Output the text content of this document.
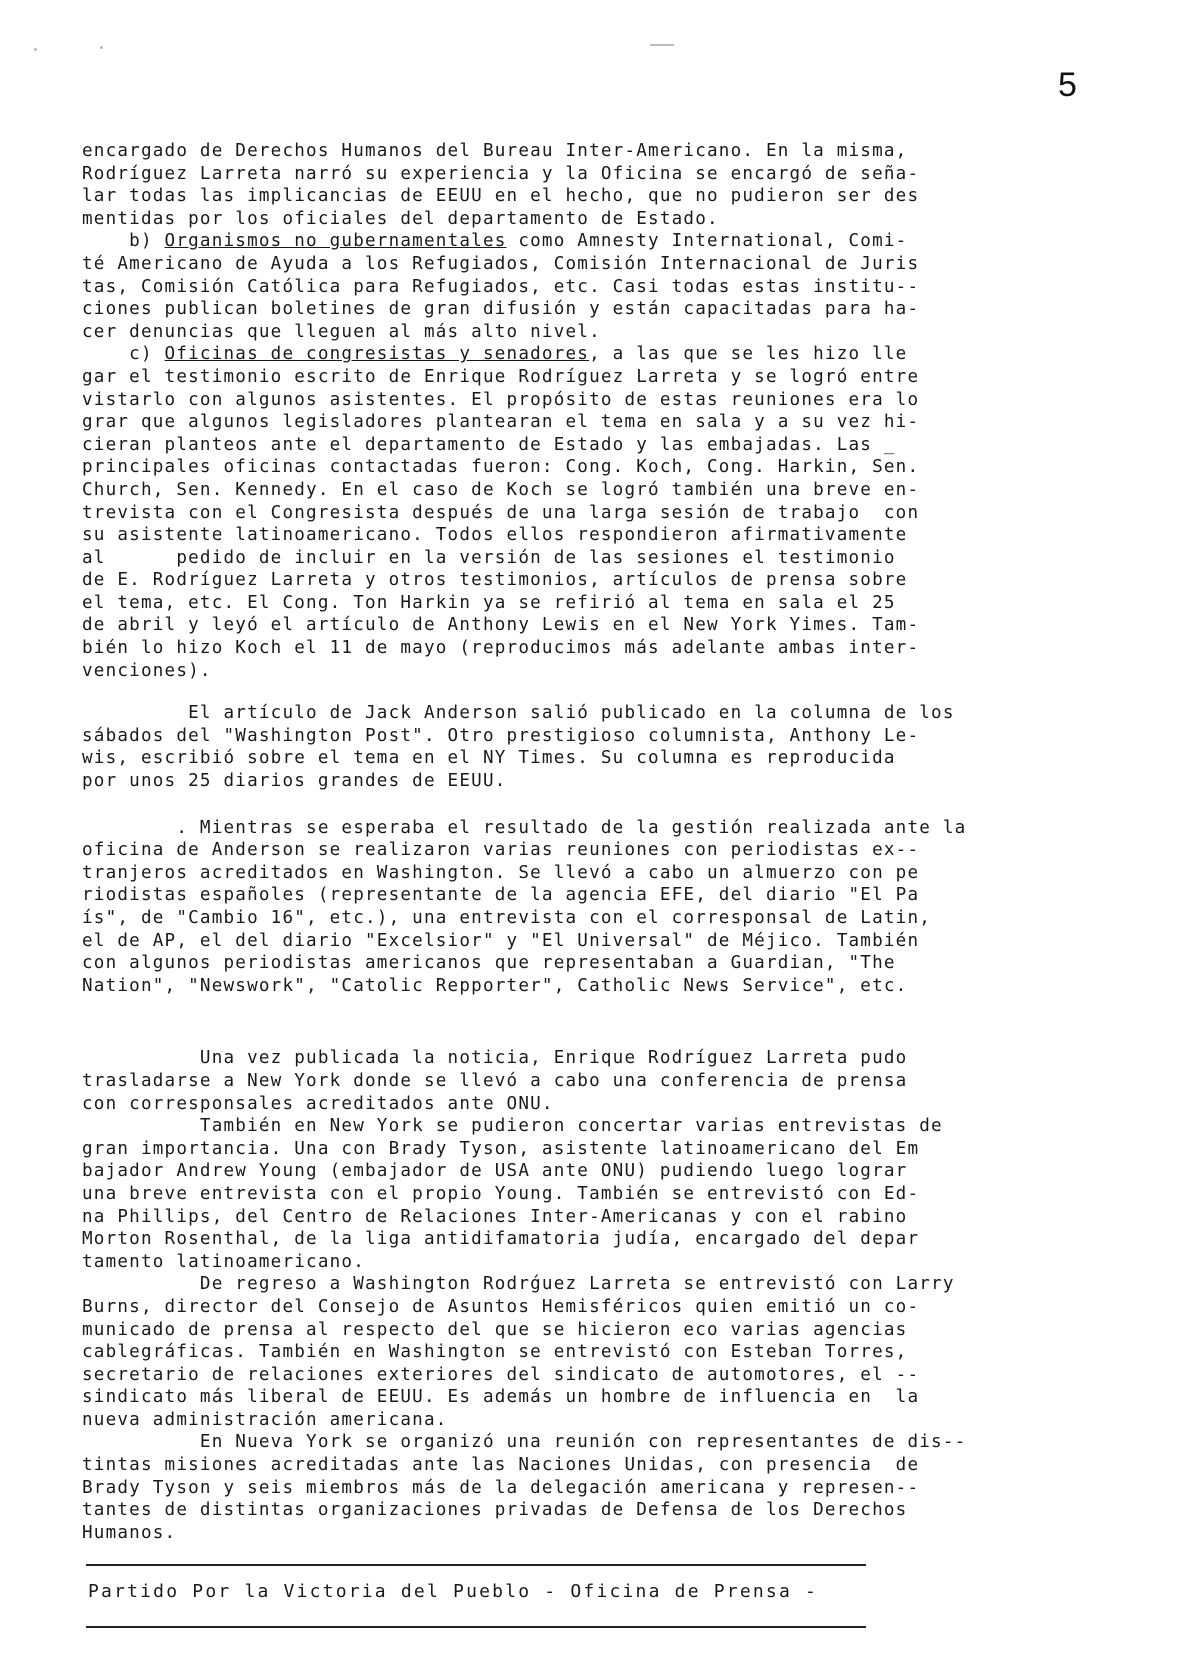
5
encargado de Derechos Humanos del Bureau Inter-Americano. En la misma,
Rodríguez Larreta narró su experiencia y la Oficina se encargó de seña-
lar todas las implicancias de EEUU en el hecho, que no pudieron ser des
mentidas por los oficiales del departamento de Estado.
b) Organismos no gubernamentales como Amnesty International, Comi-
té Americano de Ayuda a los Refugiados, Comisión Internacional de Juris
tas, Comisión Católica para Refugiados, etc. Casi todas estas institu--
ciones publican boletines de gran difusión y están capacitadas para ha-
cer denuncias que lleguen al más alto nivel.
c) Oficinas de congresistas y senadores, a las que se les hizo lle
gar el testimonio escrito de Enrique Rodríguez Larreta y se logró entre
vistarlo con algunos asistentes. El propósito de estas reuniones era lo
grar que algunos legisladores plantearan el tema en sala y a su vez hi-
cieran planteos ante el departamento de Estado y las embajadas. Las _
principales oficinas contactadas fueron: Cong. Koch, Cong. Harkin, Sen.
Church, Sen. Kennedy. En el caso de Koch se logró también una breve en-
trevista con el Congresista después de una larga sesión de trabajo  con
su asistente latinoamericano. Todos ellos respondieron afirmativamente
al      pedido de incluir en la versión de las sesiones el testimonio
de E. Rodríguez Larreta y otros testimonios, artículos de prensa sobre
el tema, etc. El Cong. Ton Harkin ya se refirió al tema en sala el 25
de abril y leyó el artículo de Anthony Lewis en el New York Yimes. Tam-
bién lo hizo Koch el 11 de mayo (reproducimos más adelante ambas inter-
venciones).
El artículo de Jack Anderson salió publicado en la columna de los
sábados del "Washington Post". Otro prestigioso columnista, Anthony Le-
wis, escribió sobre el tema en el NY Times. Su columna es reproducida
por unos 25 diarios grandes de EEUU.
. Mientras se esperaba el resultado de la gestión realizada ante la
oficina de Anderson se realizaron varias reuniones con periodistas ex--
tranjeros acreditados en Washington. Se llevó a cabo un almuerzo con pe
riodistas españoles (representante de la agencia EFE, del diario "El Pa
ís", de "Cambio 16", etc.), una entrevista con el corresponsal de Latin,
el de AP, el del diario "Excelsior" y "El Universal" de Méjico. También
con algunos periodistas americanos que representaban a Guardian, "The
Nation", "Newswork", "Catolic Repporter", Catholic News Service", etc.
Una vez publicada la noticia, Enrique Rodríguez Larreta pudo
trasladarse a New York donde se llevó a cabo una conferencia de prensa
con corresponsales acreditados ante ONU.
También en New York se pudieron concertar varias entrevistas de
gran importancia. Una con Brady Tyson, asistente latinoamericano del Em
bajador Andrew Young (embajador de USA ante ONU) pudiendo luego lograr
una breve entrevista con el propio Young. También se entrevistó con Ed-
na Phillips, del Centro de Relaciones Inter-Americanas y con el rabino
Morton Rosenthal, de la liga antidifamatoria judía, encargado del depar
tamento latinoamericano.
De regreso a Washington Rodrǵuez Larreta se entrevistó con Larry
Burns, director del Consejo de Asuntos Hemisféricos quien emitió un co-
municado de prensa al respecto del que se hicieron eco varias agencias
cablegráficas. También en Washington se entrevistó con Esteban Torres,
secretario de relaciones exteriores del sindicato de automotores, el --
sindicato más liberal de EEUU. Es además un hombre de influencia en  la
nueva administración americana.
En Nueva York se organizó una reunión con representantes de dis--
tintas misiones acreditadas ante las Naciones Unidas, con presencia  de
Brady Tyson y seis miembros más de la delegación americana y represen--
tantes de distintas organizaciones privadas de Defensa de los Derechos
Humanos.
Partido Por la Victoria del Pueblo - Oficina de Prensa -
